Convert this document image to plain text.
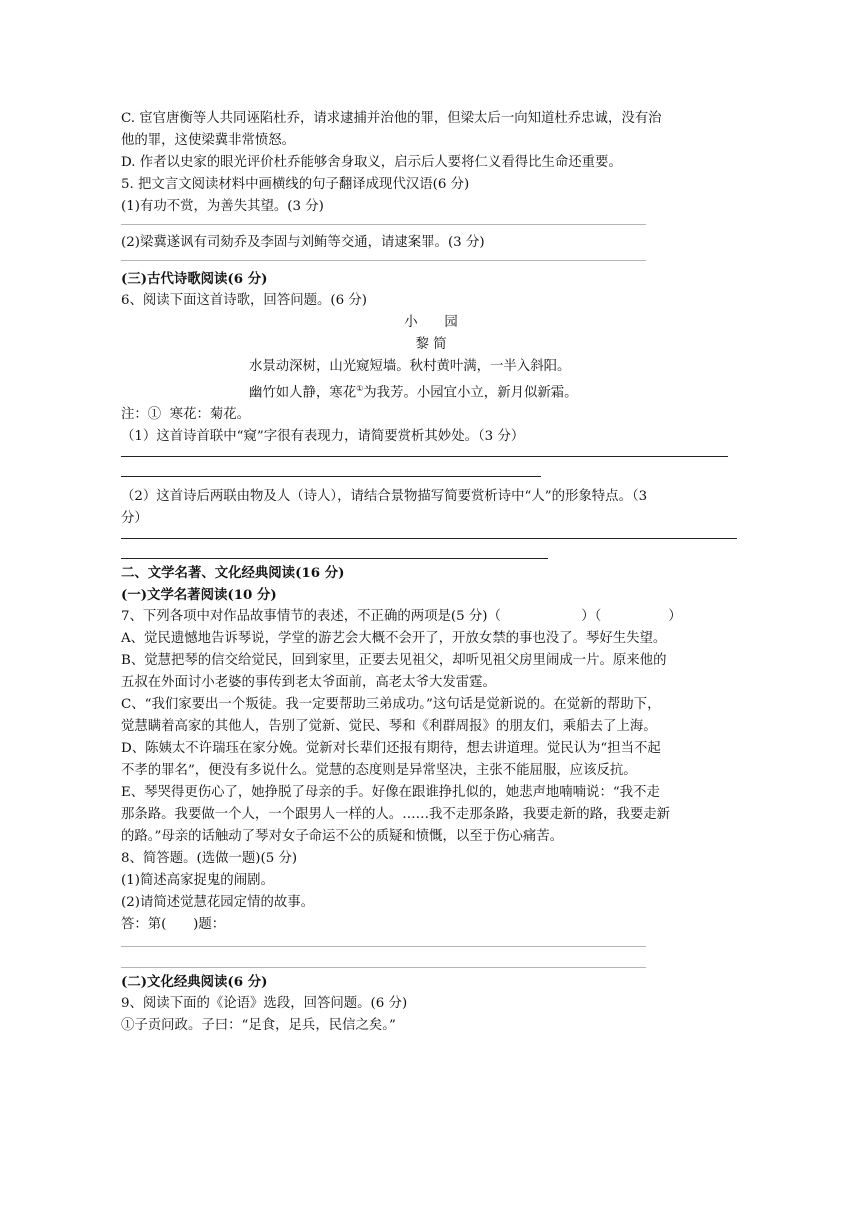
C. 宦官唐衡等人共同诬陷杜乔，请求逮捕并治他的罪，但梁太后一向知道杜乔忠诚，没有治

他的罪，这使梁冀非常愤怒。

D. 作者以史家的眼光评价杜乔能够舍身取义，启示后人要将仁义看得比生命还重要。

5. 把文言文阅读材料中画横线的句子翻译成现代汉语(6 分)

(1)有功不赏，为善失其望。(3 分)

(2)梁冀遂讽有司劾乔及李固与刘鲔等交通，请逮案罪。(3 分)

(三)古代诗歌阅读(6 分)

6、阅读下面这首诗歌，回答问题。(6 分)

小　　园

黎 简

水景动深树，山光窥短墙。秋村黄叶满，一半入斜阳。

幽竹如人静，寒花①为我芳。小园宜小立，新月似新霜。

注：①  寒花：菊花。

（1）这首诗首联中“窥”字很有表现力，请简要赏析其妙处。（3 分）

（2）这首诗后两联由物及人（诗人），请结合景物描写简要赏析诗中“人”的形象特点。（3

分）

二、文学名著、文化经典阅读(16 分)

(一)文学名著阅读(10 分)

7、下列各项中对作品故事情节的表述，不正确的两项是(5 分)（　　　　　　）（　　　　　）

A、觉民遗憾地告诉琴说，学堂的游艺会大概不会开了，开放女禁的事也没了。琴好生失望。

B、觉慧把琴的信交给觉民，回到家里，正要去见祖父，却听见祖父房里闹成一片。原来他的

五叔在外面讨小老婆的事传到老太爷面前，高老太爷大发雷霆。

C、“我们家要出一个叛徒。我一定要帮助三弟成功。”这句话是觉新说的。在觉新的帮助下，

觉慧瞒着高家的其他人，告别了觉新、觉民、琴和《利群周报》的朋友们，乘船去了上海。

D、陈姨太不许瑞珏在家分娩。觉新对长辈们还报有期待，想去讲道理。觉民认为“担当不起

不孝的罪名”，便没有多说什么。觉慧的态度则是异常坚决，主张不能屈服，应该反抗。

E、琴哭得更伤心了，她挣脱了母亲的手。好像在跟谁挣扎似的，她悲声地喃喃说：“我不走

那条路。我要做一个人，一个跟男人一样的人。……我不走那条路，我要走新的路，我要走新

的路。”母亲的话触动了琴对女子命运不公的质疑和愤慨，以至于伤心痛苦。

8、简答题。(选做一题)(5 分)

(1)简述高家捉鬼的闹剧。

(2)请简述觉慧花园定情的故事。

答：第(　　)题：

(二)文化经典阅读(6 分)

9、阅读下面的《论语》选段，回答问题。(6 分)

①子贡问政。子曰：“足食，足兵，民信之矣。”
